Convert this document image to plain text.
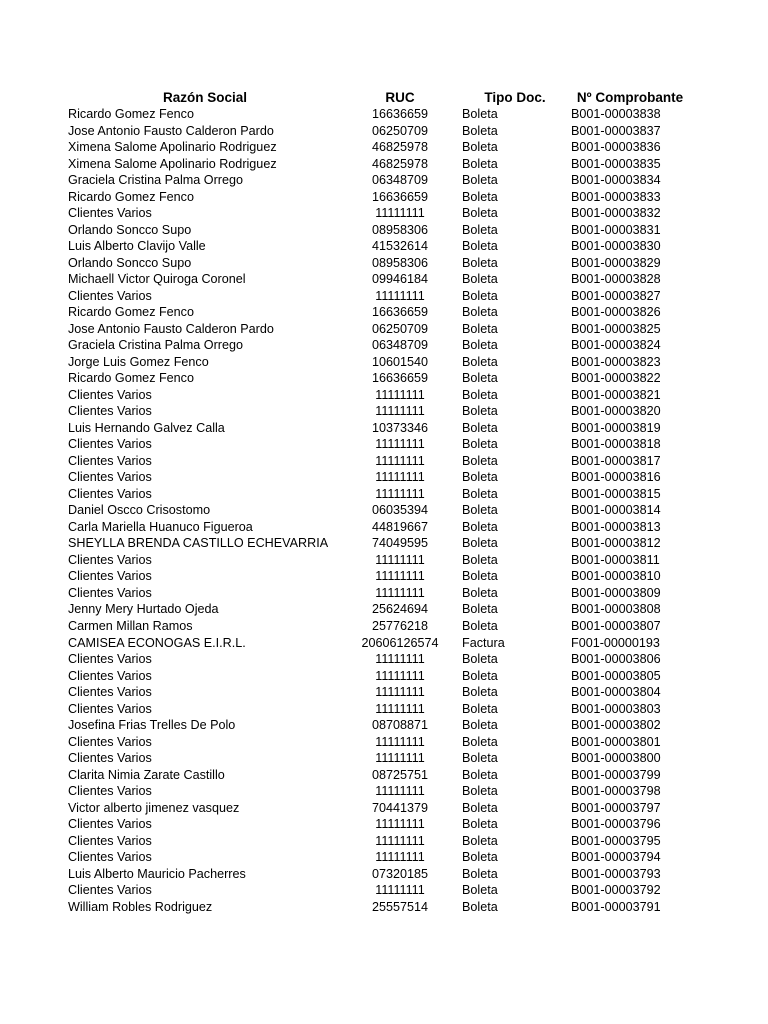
Razón Social	RUC	Tipo Doc.	Nº Comprobante
Ricardo Gomez Fenco	16636659	Boleta	B001-00003838
Jose Antonio Fausto Calderon Pardo	06250709	Boleta	B001-00003837
Ximena Salome Apolinario Rodriguez	46825978	Boleta	B001-00003836
Ximena Salome Apolinario Rodriguez	46825978	Boleta	B001-00003835
Graciela Cristina Palma Orrego	06348709	Boleta	B001-00003834
Ricardo Gomez Fenco	16636659	Boleta	B001-00003833
Clientes Varios	11111111	Boleta	B001-00003832
Orlando Soncco Supo	08958306	Boleta	B001-00003831
Luis Alberto Clavijo Valle	41532614	Boleta	B001-00003830
Orlando Soncco Supo	08958306	Boleta	B001-00003829
Michaell Victor Quiroga Coronel	09946184	Boleta	B001-00003828
Clientes Varios	11111111	Boleta	B001-00003827
Ricardo Gomez Fenco	16636659	Boleta	B001-00003826
Jose Antonio Fausto Calderon Pardo	06250709	Boleta	B001-00003825
Graciela Cristina Palma Orrego	06348709	Boleta	B001-00003824
Jorge Luis Gomez Fenco	10601540	Boleta	B001-00003823
Ricardo Gomez Fenco	16636659	Boleta	B001-00003822
Clientes Varios	11111111	Boleta	B001-00003821
Clientes Varios	11111111	Boleta	B001-00003820
Luis Hernando Galvez Calla	10373346	Boleta	B001-00003819
Clientes Varios	11111111	Boleta	B001-00003818
Clientes Varios	11111111	Boleta	B001-00003817
Clientes Varios	11111111	Boleta	B001-00003816
Clientes Varios	11111111	Boleta	B001-00003815
Daniel Oscco Crisostomo	06035394	Boleta	B001-00003814
Carla Mariella Huanuco Figueroa	44819667	Boleta	B001-00003813
SHEYLLA BRENDA CASTILLO ECHEVARRIA	74049595	Boleta	B001-00003812
Clientes Varios	11111111	Boleta	B001-00003811
Clientes Varios	11111111	Boleta	B001-00003810
Clientes Varios	11111111	Boleta	B001-00003809
Jenny Mery Hurtado Ojeda	25624694	Boleta	B001-00003808
Carmen Millan Ramos	25776218	Boleta	B001-00003807
CAMISEA ECONOGAS E.I.R.L.	20606126574	Factura	F001-00000193
Clientes Varios	11111111	Boleta	B001-00003806
Clientes Varios	11111111	Boleta	B001-00003805
Clientes Varios	11111111	Boleta	B001-00003804
Clientes Varios	11111111	Boleta	B001-00003803
Josefina Frias Trelles De Polo	08708871	Boleta	B001-00003802
Clientes Varios	11111111	Boleta	B001-00003801
Clientes Varios	11111111	Boleta	B001-00003800
Clarita Nimia Zarate Castillo	08725751	Boleta	B001-00003799
Clientes Varios	11111111	Boleta	B001-00003798
Victor alberto jimenez vasquez	70441379	Boleta	B001-00003797
Clientes Varios	11111111	Boleta	B001-00003796
Clientes Varios	11111111	Boleta	B001-00003795
Clientes Varios	11111111	Boleta	B001-00003794
Luis Alberto Mauricio Pacherres	07320185	Boleta	B001-00003793
Clientes Varios	11111111	Boleta	B001-00003792
William Robles Rodriguez	25557514	Boleta	B001-00003791
